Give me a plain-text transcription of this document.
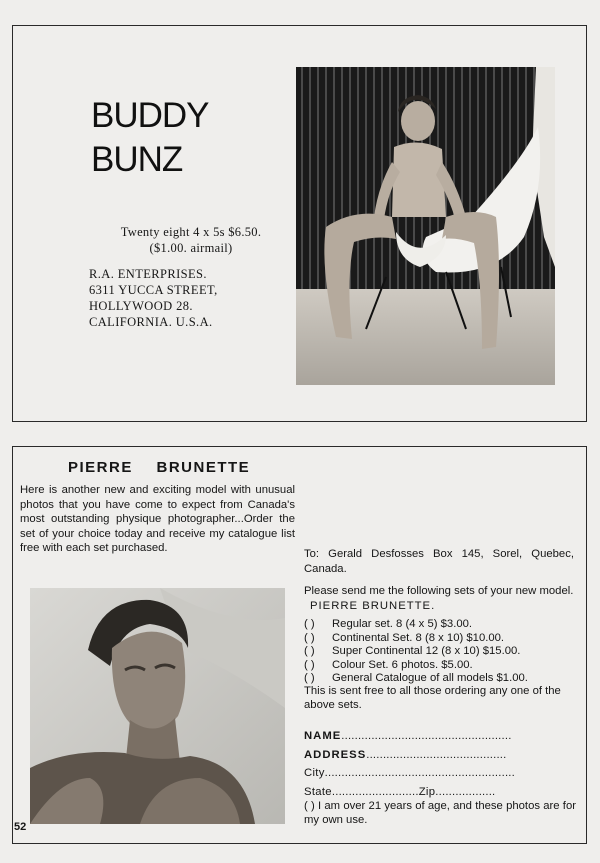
BUDDY
BUNZ
Twenty eight 4 x 5s $6.50.
($1.00. airmail)
R.A. ENTERPRISES.
6311 YUCCA STREET,
HOLLYWOOD 28.
CALIFORNIA. U.S.A.
PIERRE BRUNETTE
Here is another new and exciting model with unusual photos that you have come to expect from Canada's most outstanding physique photographer...Order the set of your choice today and receive my catalogue list free with each set purchased.	To: Gerald Desfosses Box 145, Sorel, Quebec, Canada.
Please send me the following sets of your new model. PIERRE BRUNETTE.
( ) Regular set. 8 (4 x 5) $3.00.
( ) Continental Set. 8 (8 x 10) $10.00.
( ) Super Continental 12 (8 x 10) $15.00.
( ) Colour Set. 6 photos. $5.00.
( ) General Catalogue of all models $1.00.
This is sent free to all those ordering any one of the above sets.
NAME...................................................
ADDRESS..........................................
City.........................................................
State..........................Zip..................
( ) I am over 21 years of age, and these photos are for my own use.
52
